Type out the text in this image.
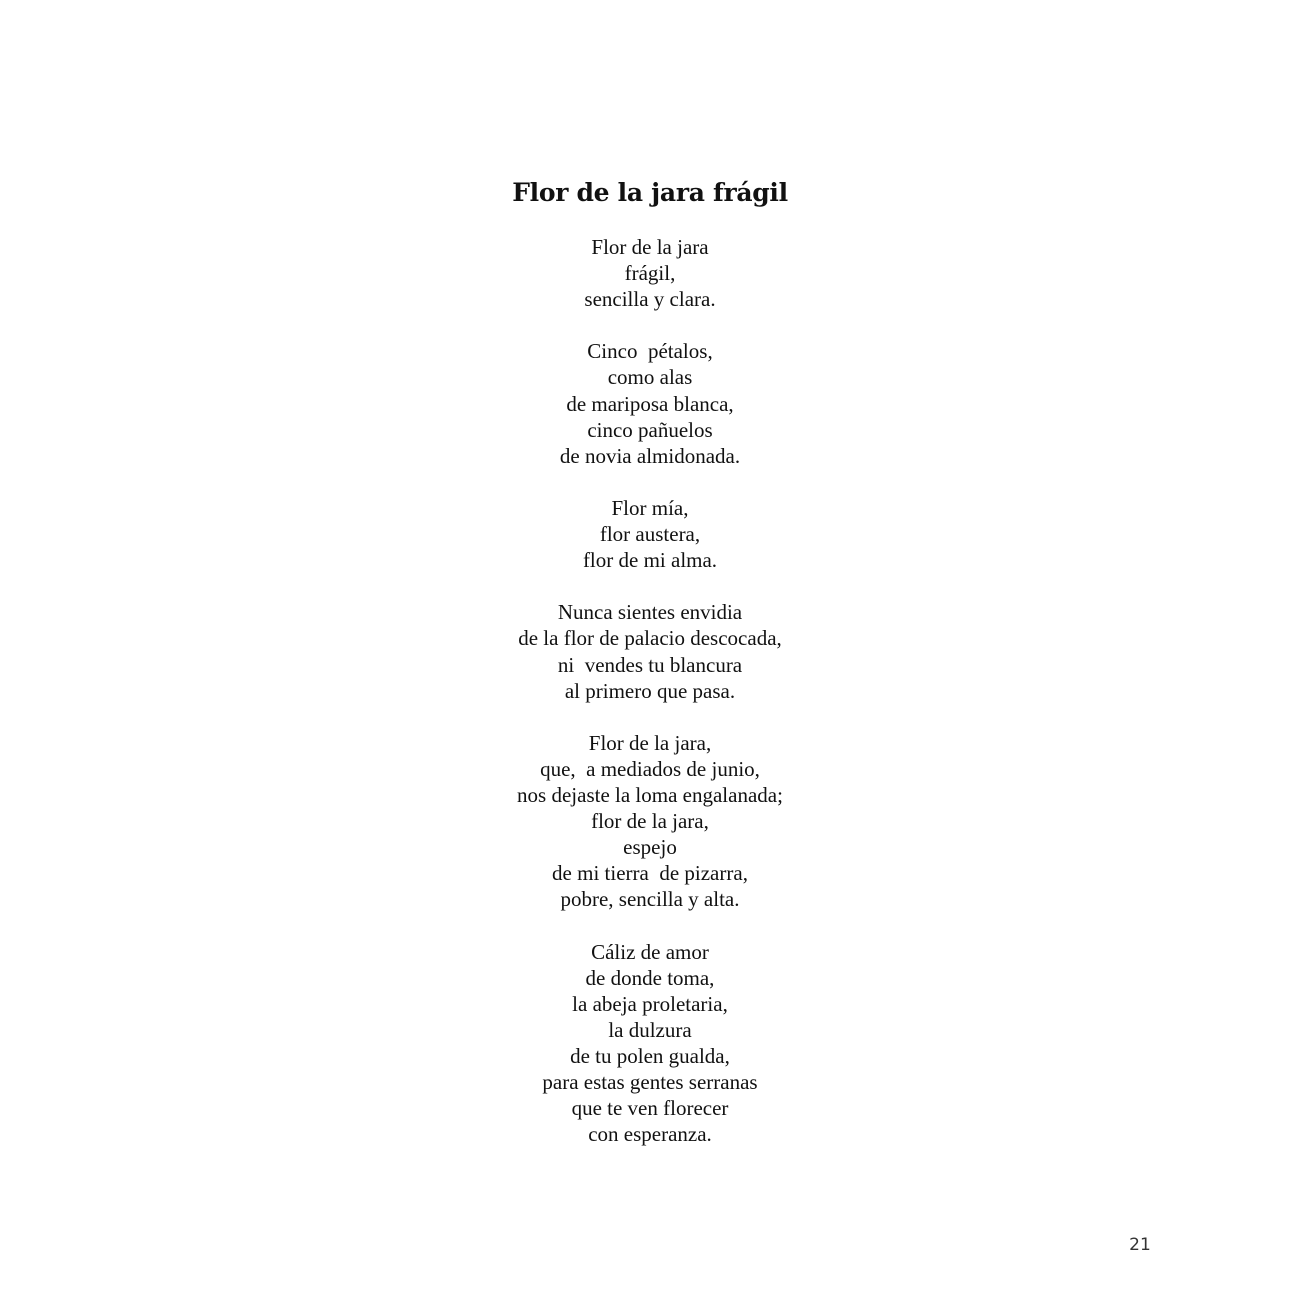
Flor de la jara frágil
Flor de la jara
frágil,
sencilla y clara.
Cinco  pétalos,
como alas
de mariposa blanca,
cinco pañuelos
de novia almidonada.
Flor mía,
flor austera,
flor de mi alma.
Nunca sientes envidia
de la flor de palacio descocada,
ni  vendes tu blancura
al primero que pasa.
Flor de la jara,
que,  a mediados de junio,
nos dejaste la loma engalanada;
flor de la jara,
espejo
de mi tierra  de pizarra,
pobre, sencilla y alta.
Cáliz de amor
de donde toma,
la abeja proletaria,
la dulzura
de tu polen gualda,
para estas gentes serranas
que te ven florecer
con esperanza.
21
